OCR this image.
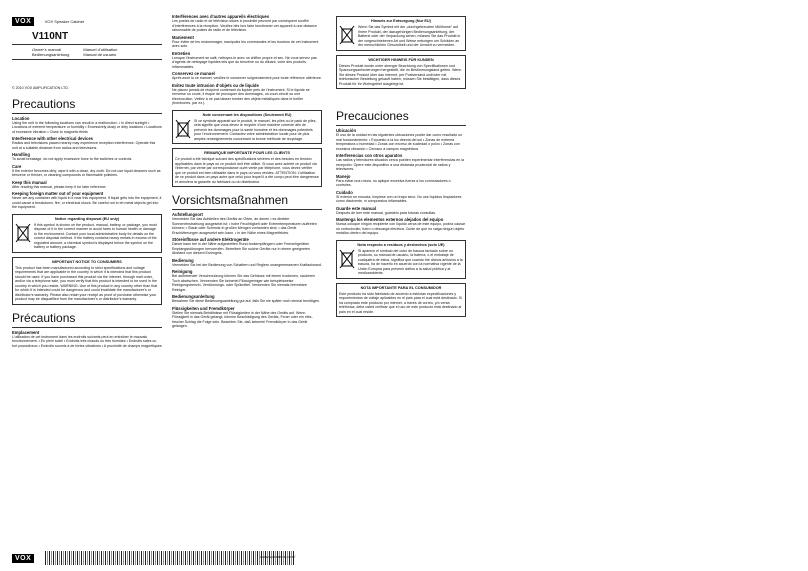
VOX	VOX Speaker Cabinet
V110NT
Owner’s manual
Bedienungsanleitung
Manuel d’utilisation
Manual de usuario

© 2010 VOX AMPLIFICATION LTD.

Precautions

Location

Using the unit in the following locations can result in a malfunction. • In direct sunlight • Locations of extreme temperature or humidity • Excessively dusty or dirty locations • Locations of excessive vibration • Close to magnetic fields

Interference with other electrical devices

Radios and televisions placed nearby may experience reception interference. Operate this unit at a suitable distance from radios and televisions.

Handling

To avoid breakage, do not apply excessive force to the switches or controls.

Care

If the exterior becomes dirty, wipe it with a clean, dry cloth. Do not use liquid cleaners such as benzene or thinner, or cleaning compounds or flammable polishes.

Keep this manual

After reading this manual, please keep it for later reference.

Keeping foreign matter out of your equipment

Never set any container with liquid in it near this equipment. If liquid gets into the equipment, it could cause a breakdown, fire, or electrical shock. Be careful not to let metal objects get into the equipment.

Notice regarding disposal (EU only)

If this symbol is shown on the product, manual, battery, or package, you must dispose of it in the correct manner to avoid harm to human health or damage to the environment. Contact your local administrative body for details on the correct disposal method. If the battery contains heavy metals in excess of the regulated amount, a chemical symbol is displayed below the symbol on the battery or battery package.

IMPORTANT NOTICE TO CONSUMERS

This product has been manufactured according to strict specifications and voltage requirements that are applicable in the country in which it is intended that this product should be used. If you have purchased this product via the internet, through mail order, and/or via a telephone sale, you must verify that this product is intended to be used in the country in which you reside. WARNING: Use of this product in any country other than that for which it is intended could be dangerous and could invalidate the manufacturer’s or distributor’s warranty. Please also retain your receipt as proof of purchase otherwise your product may be disqualified from the manufacturer’s or distributor’s warranty.

Précautions

Emplacement

L’utilisation de cet instrument dans les endroits suivants peut en entraîner le mauvais fonctionnement. • En plein soleil • Endroits très chauds ou très humides • Endroits sales ou fort poussiéreux • Endroits soumis à de fortes vibrations • A proximité de champs magnétiques

Interférences avec d’autres appareils électriques

Les postes de radio et de télévision situés à proximité peuvent par conséquent souffrir d’interférences à la réception. Veuillez dès lors faire fonctionner cet appareil à une distance raisonnable de postes de radio et de télévision.

Maniement

Pour éviter de les endommager, manipulez les commandes et les boutons de cet instrument avec soin.

Entretien

Lorsque l’instrument se salit, nettoyez-le avec un chiffon propre et sec. Ne vous servez pas d’agents de nettoyage liquides tels que du benzène ou du diluant, voire des produits inflammables.

Conservez ce manuel

Après avoir lu ce manuel, veuillez le conserver soigneusement pour toute référence ultérieure.

Evitez toute intrusion d’objets ou de liquide

Ne placez jamais de récipient contenant du liquide près de l’instrument. Si le liquide se renverse ou coule, il risque de provoquer des dommages, un court-circuit ou une électrocution. Veillez à ne pas laisser tomber des objets métalliques dans le boîtier (trombones, par ex.).

Note concernant les dispositions (Seulement EU)

Si ce symbole apparait sur le produit, le manuel, les piles ou le pack de piles, cela signifie que vous devez le recycler d’une manière correcte afin de prévenir les dommages pour la santé humaine et les dommages potentiels pour l’environnement. Contactez votre administration locale pour de plus amples renseignements concernant la bonne méthode de recyclage.

REMARQUE IMPORTANTE POUR LES CLIENTS

Ce produit a été fabriqué suivant des spécifications sévères et des besoins en tension applicables dans le pays où ce produit doit être utilisé. Si vous avez acheté ce produit via l’internet, par vente par correspondance ou/et vente par téléphone, vous devez vérifier que ce produit est bien utilisable dans le pays où vous résidez. ATTENTION: L’utilisation de ce produit dans un pays autre que celui pour lequel il a été conçu peut être dangereuse et annulera la garantie du fabricant ou du distributeur.

Vorsichtsmaßnahmen

Aufstellungsort

Vermeiden Sie das Aufstellen des Geräts an Orten, an denen • es direkter Sonneneinstrahlung ausgesetzt ist; • hohe Feuchtigkeit oder Extremtemperaturen auftreten können; • Staub oder Schmutz in großen Mengen vorhanden sind; • das Gerät Erschütterungen ausgesetzt sein kann. • in der Nähe eines Magnetfeldes.

Störeinflüsse auf andere Elektrogeräte

Dieser kann bei in der Nähe aufgestellten Rund-funkempfängern oder Fernsehgeräten Empfangsstörungen hervorrufen. Betreiben Sie solche Geräte nur in einem geeigneten Abstand von diesem Erzeugnis.

Bedienung

Vermeiden Sie bei der Bedienung von Schaltern und Reglern unangemessenen Kraftaufwand.

Reinigung

Bei auftretender Verschmutzung können Sie das Gehäuse mit einem trockenen, sauberen Tuch abwischen. Verwenden Sie keinerlei Flüssigreiniger wie beispielsweise Reinigungsbenzin, Verdünnungs- oder Spülmittel. Verwenden Sie niemals brennbare Reiniger.

Bedienungsanleitung

Bewahren Sie diese Bedienungsanleitung gut auf, falls Sie sie später noch einmal benötigen.

Flüssigkeiten und Fremdkörper

Stellen Sie niemals Behältnisse mit Flüssigkeiten in der Nähe des Geräts auf. Wenn Flüssigkeit in das Gerät gelangt, können Beschädigung des Geräts, Feuer oder ein elek-trischer Schlag die Folge sein. Beachten Sie, daß keinerlei Fremdkörper in das Gerät gelangen.

Hinweis zur Entsorgung (Nur EU)

Wenn Sie das Symbol mit der „durchgekreuzten Mülltonne“ auf Ihrem Produkt, der dazugehörigen Bedienungsanleitung, der Batterie oder der Verpackung sehen, müssen Sie das Produkt in der vorgeschriebenen Art und Weise entsorgen um Schäden an der menschlichen Gesundheit und der Umwelt zu vermeiden.

WICHTIGER HINWEIS FÜR KUNDEN

Dieses Produkt wurde unter strenger Beachtung von Spezifikationen und Spannungsanforderungen hergestellt, die im Bestimmungsland gelten. Wenn Sie dieses Produkt über das Internet, per Postversand und/oder mit telefonischer Bestellung gekauft haben, müssen Sie bestätigen, dass dieses Produkt für Ihr Wohngebiet ausgelegt ist.

Precauciones

Ubicación

El uso de la unidad en las siguientes ubicaciones puede dar como resultado un mal funcionamiento: • Expuesto a la luz directa del sol • Zonas de extrema temperatura o humedad • Zonas con exceso de suciedad o polvo • Zonas con excesiva vibración • Cercano a campos magnéticos

Interferencias con otros aparatos

Las radios y televisores situados cerca pueden experimentar interferencias en la recepción. Opere este dispositivo a una distancia prudencial de radios y televisores.

Manejo

Para evitar una rotura, no aplique excesiva fuerza a los conmutadores o controles.

Cuidado

Si exterior se ensucia, límpiese con un trapo seco. No use líquidos limpiadores como disolvente, ni compuestos inflamables.

Guarde este manual

Después de leer este manual, guárdelo para futuras consultas.

Mantenga los elementos externos alejados del equipo

Nunca coloque ningún recipiente con líquido cerca de este equipo, podría causar un cortocircuito, fuero o descarga eléctrica. Cuide de que no caiga ningún objeto metálico dentro del equipo.

Nota respecto a residuos y deshechos (solo UE)

Si aparece el símbolo del cubo de basura tachado sobre un producto, su manual de usuario, la batería, o el embalaje de cualquiera de éstos, significa que cuando tire dichos artículos a la basura, ha de hacerlo en acuerdo con la normativa vigente de la Unión Europea para prevenir daños a la salud pública y al medioambiente.

NOTA IMPORTANTE PARA EL CONSUMIDOR

Este producto ha sido fabricado de acuerdo a estrictas especificaciones y requerimientos de voltaje aplicables en el país para el cual está destinado. Si ha comprado este producto por internet, a través de correo, y/o venta telefónica, debe usted verificar que el uso de este producto está destinado al país en el cual reside.

VOX	www.voxamps.com/
